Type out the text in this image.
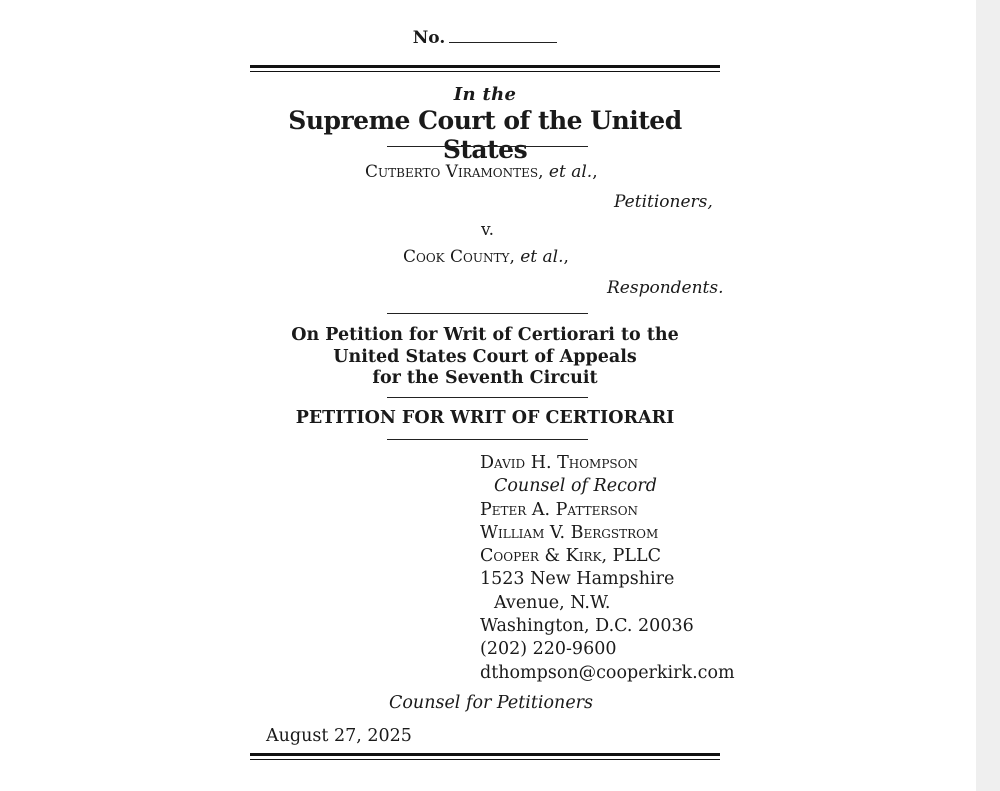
No.
In the
Supreme Court of the United States
Cutberto Viramontes, et al.,
Petitioners,
v.
Cook County, et al.,
Respondents.
On Petition for Writ of Certiorari to the
United States Court of Appeals
for the Seventh Circuit
PETITION FOR WRIT OF CERTIORARI
David H. Thompson
Counsel of Record
Peter A. Patterson
William V. Bergstrom
Cooper & Kirk, PLLC
1523 New Hampshire
Avenue, N.W.
Washington, D.C. 20036
(202) 220-9600
dthompson@cooperkirk.com
Counsel for Petitioners
August 27, 2025
